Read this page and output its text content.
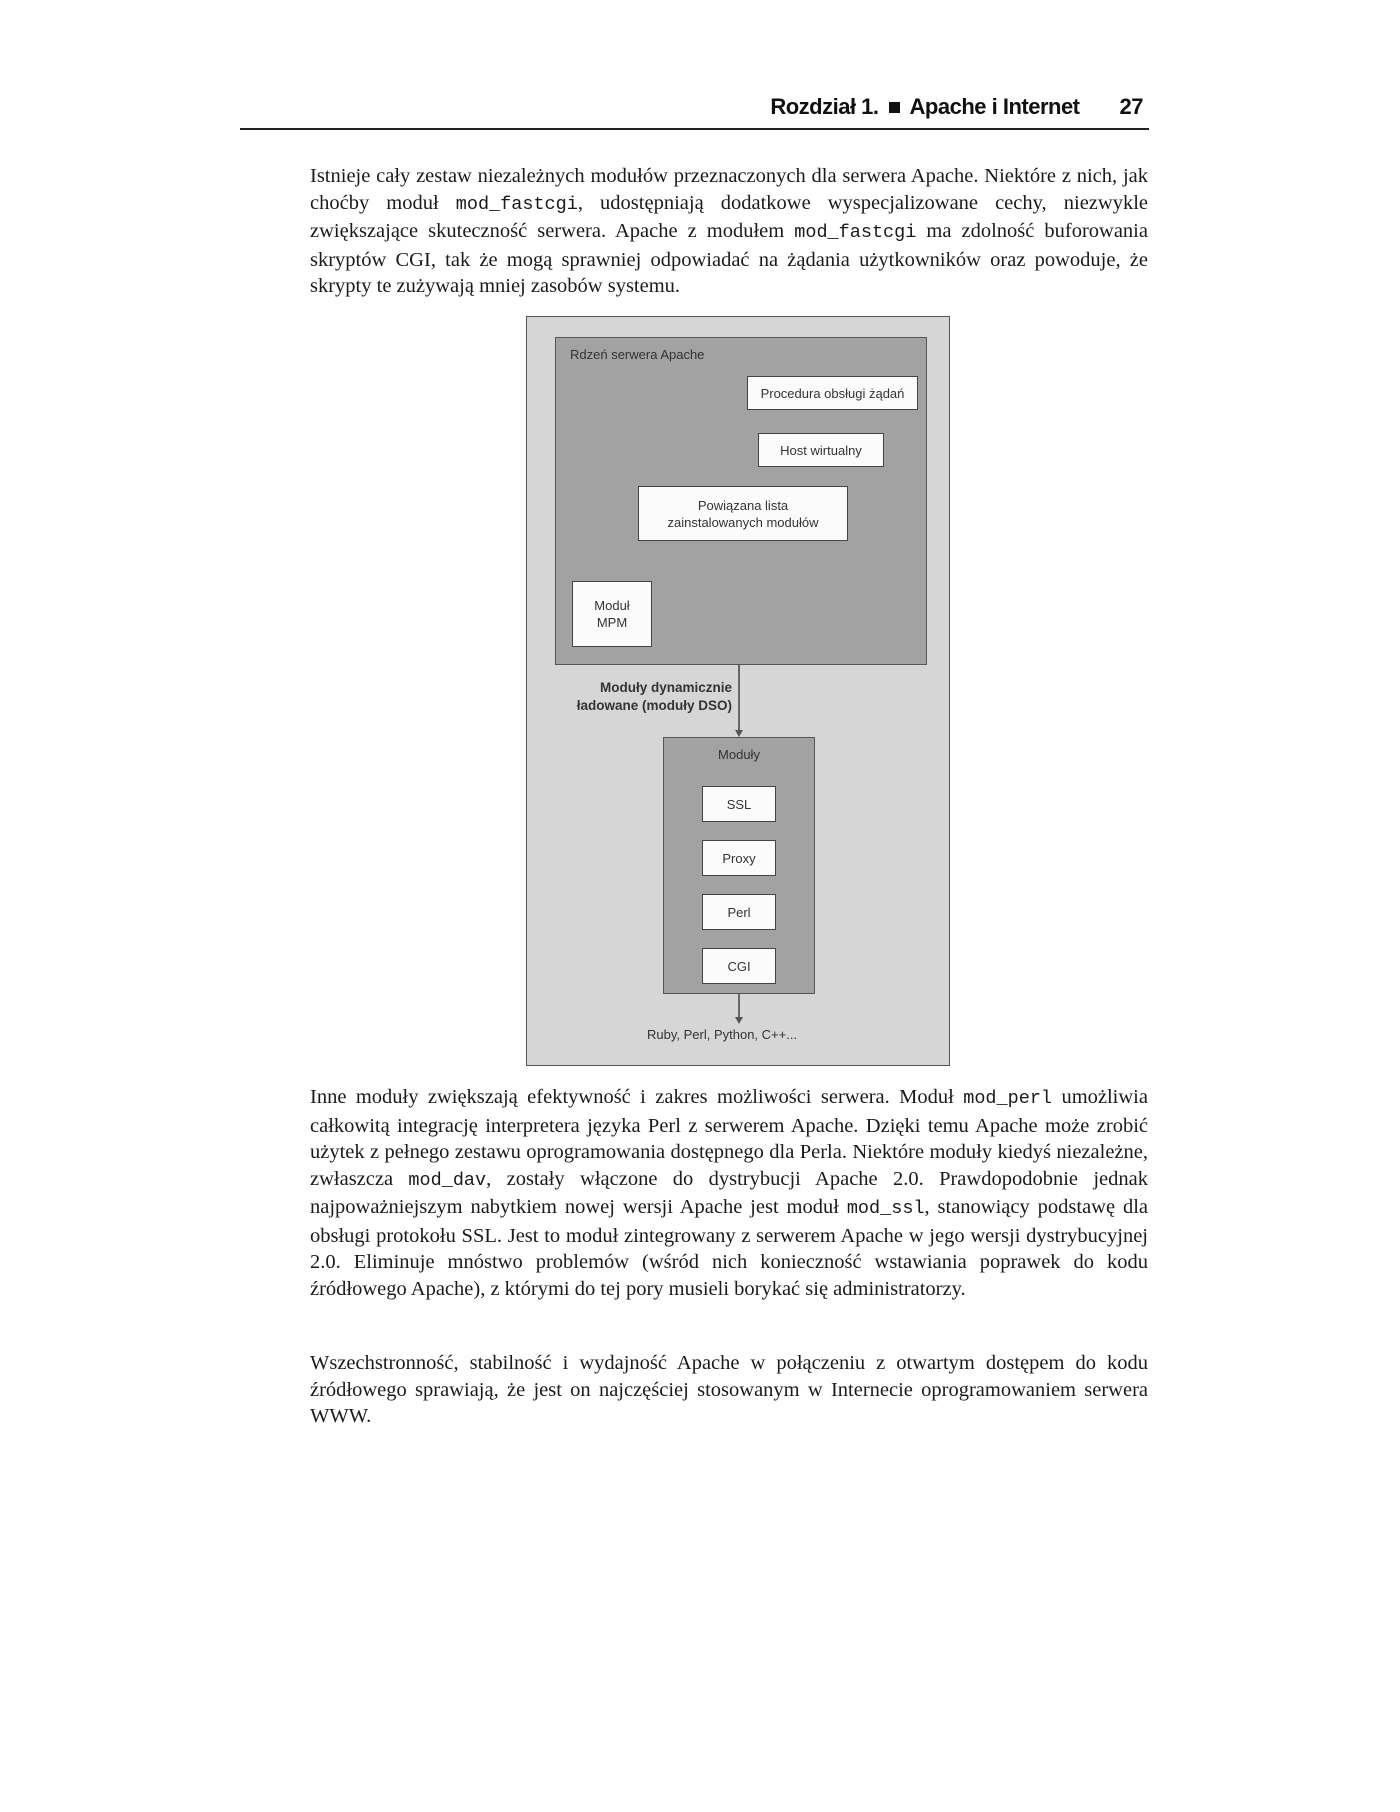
Rozdział 1. Apache i Internet 27

Istnieje cały zestaw niezależnych modułów przeznaczonych dla serwera Apache. Niektóre z nich, jak choćby moduł mod_fastcgi, udostępniają dodatkowe wyspecjalizowane cechy, niezwykle zwiększające skuteczność serwera. Apache z modułem mod_fastcgi ma zdolność buforowania skryptów CGI, tak że mogą sprawniej odpowiadać na żądania użytkowników oraz powoduje, że skrypty te zużywają mniej zasobów systemu.

Rdzeń serwera Apache
Procedura obsługi żądań
Host wirtualny
Powiązana lista
zainstalowanych modułów
Moduł
MPM
Moduły dynamicznie
ładowane (moduły DSO)
Moduły
SSL
Proxy
Perl
CGI
Ruby, Perl, Python, C++...

Inne moduły zwiększają efektywność i zakres możliwości serwera. Moduł mod_perl umożliwia całkowitą integrację interpretera języka Perl z serwerem Apache. Dzięki temu Apache może zrobić użytek z pełnego zestawu oprogramowania dostępnego dla Perla. Niektóre moduły kiedyś niezależne, zwłaszcza mod_dav, zostały włączone do dystrybucji Apache 2.0. Prawdopodobnie jednak najpoważniejszym nabytkiem nowej wersji Apache jest moduł mod_ssl, stanowiący podstawę dla obsługi protokołu SSL. Jest to moduł zintegrowany z serwerem Apache w jego wersji dystrybucyjnej 2.0. Eliminuje mnóstwo problemów (wśród nich konieczność wstawiania poprawek do kodu źródłowego Apache), z którymi do tej pory musieli borykać się administratorzy.

Wszechstronność, stabilność i wydajność Apache w połączeniu z otwartym dostępem do kodu źródłowego sprawiają, że jest on najczęściej stosowanym w Internecie oprogramowaniem serwera WWW.
